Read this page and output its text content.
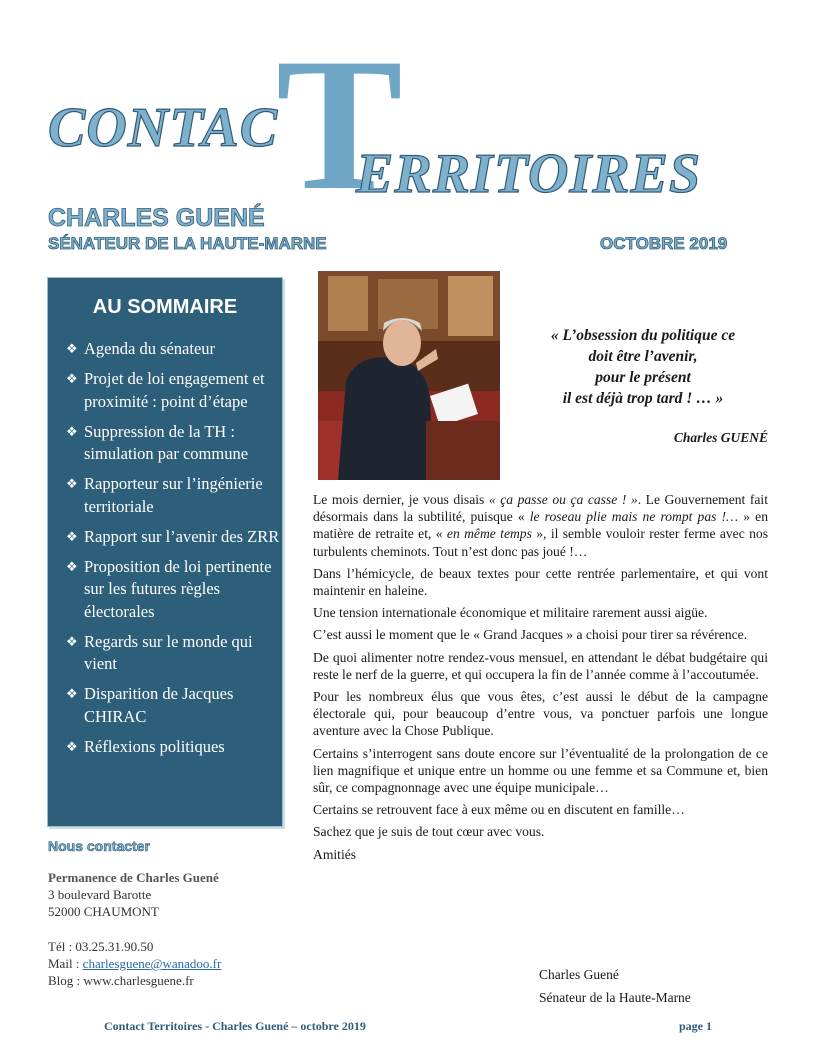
CONTAC
T
ERRITOIRES
CHARLES GUENÉ
SÉNATEUR DE LA HAUTE-MARNE	OCTOBRE 2019
AU SOMMAIRE
❖ Agenda du sénateur
❖ Projet de loi engagement et proximité : point d’étape
❖ Suppression de la TH : simulation par commune
❖ Rapporteur sur l’ingénierie territoriale
❖ Rapport sur l’avenir des ZRR
❖ Proposition de loi pertinente sur les futures règles électorales
❖ Regards sur le monde qui vient
❖ Disparition de Jacques CHIRAC
❖ Réflexions politiques
Nous contacter
Permanence de Charles Guené
3 boulevard Barotte
52000 CHAUMONT
Tél : 03.25.31.90.50
Mail : charlesguene@wanadoo.fr
Blog : www.charlesguene.fr
« L’obsession du politique ce
doit être l’avenir,
pour le présent
il est déjà trop tard ! … »
Charles GUENÉ

Le mois dernier, je vous disais « ça passe ou ça casse ! ». Le Gouvernement fait désormais dans la subtilité, puisque « le roseau plie mais ne rompt pas !… » en matière de retraite et, « en même temps », il semble vouloir rester ferme avec nos turbulents cheminots. Tout n’est donc pas joué !…

Dans l’hémicycle, de beaux textes pour cette rentrée parlementaire, et qui vont maintenir en haleine.

Une tension internationale économique et militaire rarement aussi aigüe.

C’est aussi le moment que le « Grand Jacques » a choisi pour tirer sa révérence.

De quoi alimenter notre rendez-vous mensuel, en attendant le débat budgétaire qui reste le nerf de la guerre, et qui occupera la fin de l’année comme à l’accoutumée.

Pour les nombreux élus que vous êtes, c’est aussi le début de la campagne électorale qui, pour beaucoup d’entre vous, va ponctuer parfois une longue aventure avec la Chose Publique.

Certains s’interrogent sans doute encore sur l’éventualité de la prolongation de ce lien magnifique et unique entre un homme ou une femme et sa Commune et, bien sûr, ce compagnonnage avec une équipe municipale…

Certains se retrouvent face à eux même ou en discutent en famille…

Sachez que je suis de tout cœur avec vous.

Amitiés

Charles Guené
Sénateur de la Haute-Marne
Contact Territoires - Charles Guené – octobre 2019	page 1
